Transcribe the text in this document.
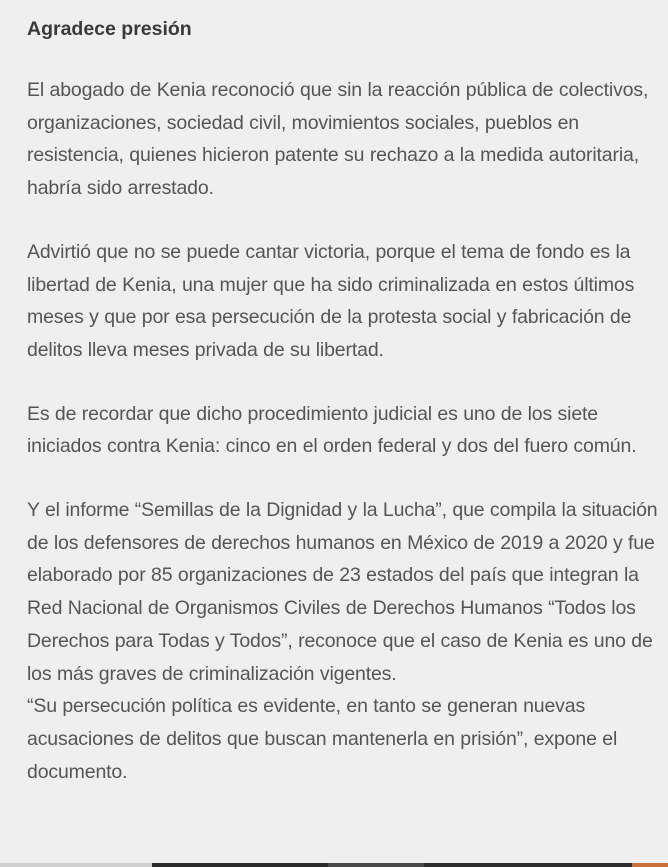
Agradece presión

El abogado de Kenia reconoció que sin la reacción pública de colectivos, organizaciones, sociedad civil, movimientos sociales, pueblos en resistencia, quienes hicieron patente su rechazo a la medida autoritaria, habría sido arrestado.

Advirtió que no se puede cantar victoria, porque el tema de fondo es la libertad de Kenia, una mujer que ha sido criminalizada en estos últimos meses y que por esa persecución de la protesta social y fabricación de delitos lleva meses privada de su libertad.

Es de recordar que dicho procedimiento judicial es uno de los siete iniciados contra Kenia: cinco en el orden federal y dos del fuero común.

Y el informe “Semillas de la Dignidad y la Lucha”, que compila la situación de los defensores de derechos humanos en México de 2019 a 2020 y fue elaborado por 85 organizaciones de 23 estados del país que integran la Red Nacional de Organismos Civiles de Derechos Humanos “Todos los Derechos para Todas y Todos”, reconoce que el caso de Kenia es uno de los más graves de criminalización vigentes.

“Su persecución política es evidente, en tanto se generan nuevas acusaciones de delitos que buscan mantenerla en prisión”, expone el documento.
